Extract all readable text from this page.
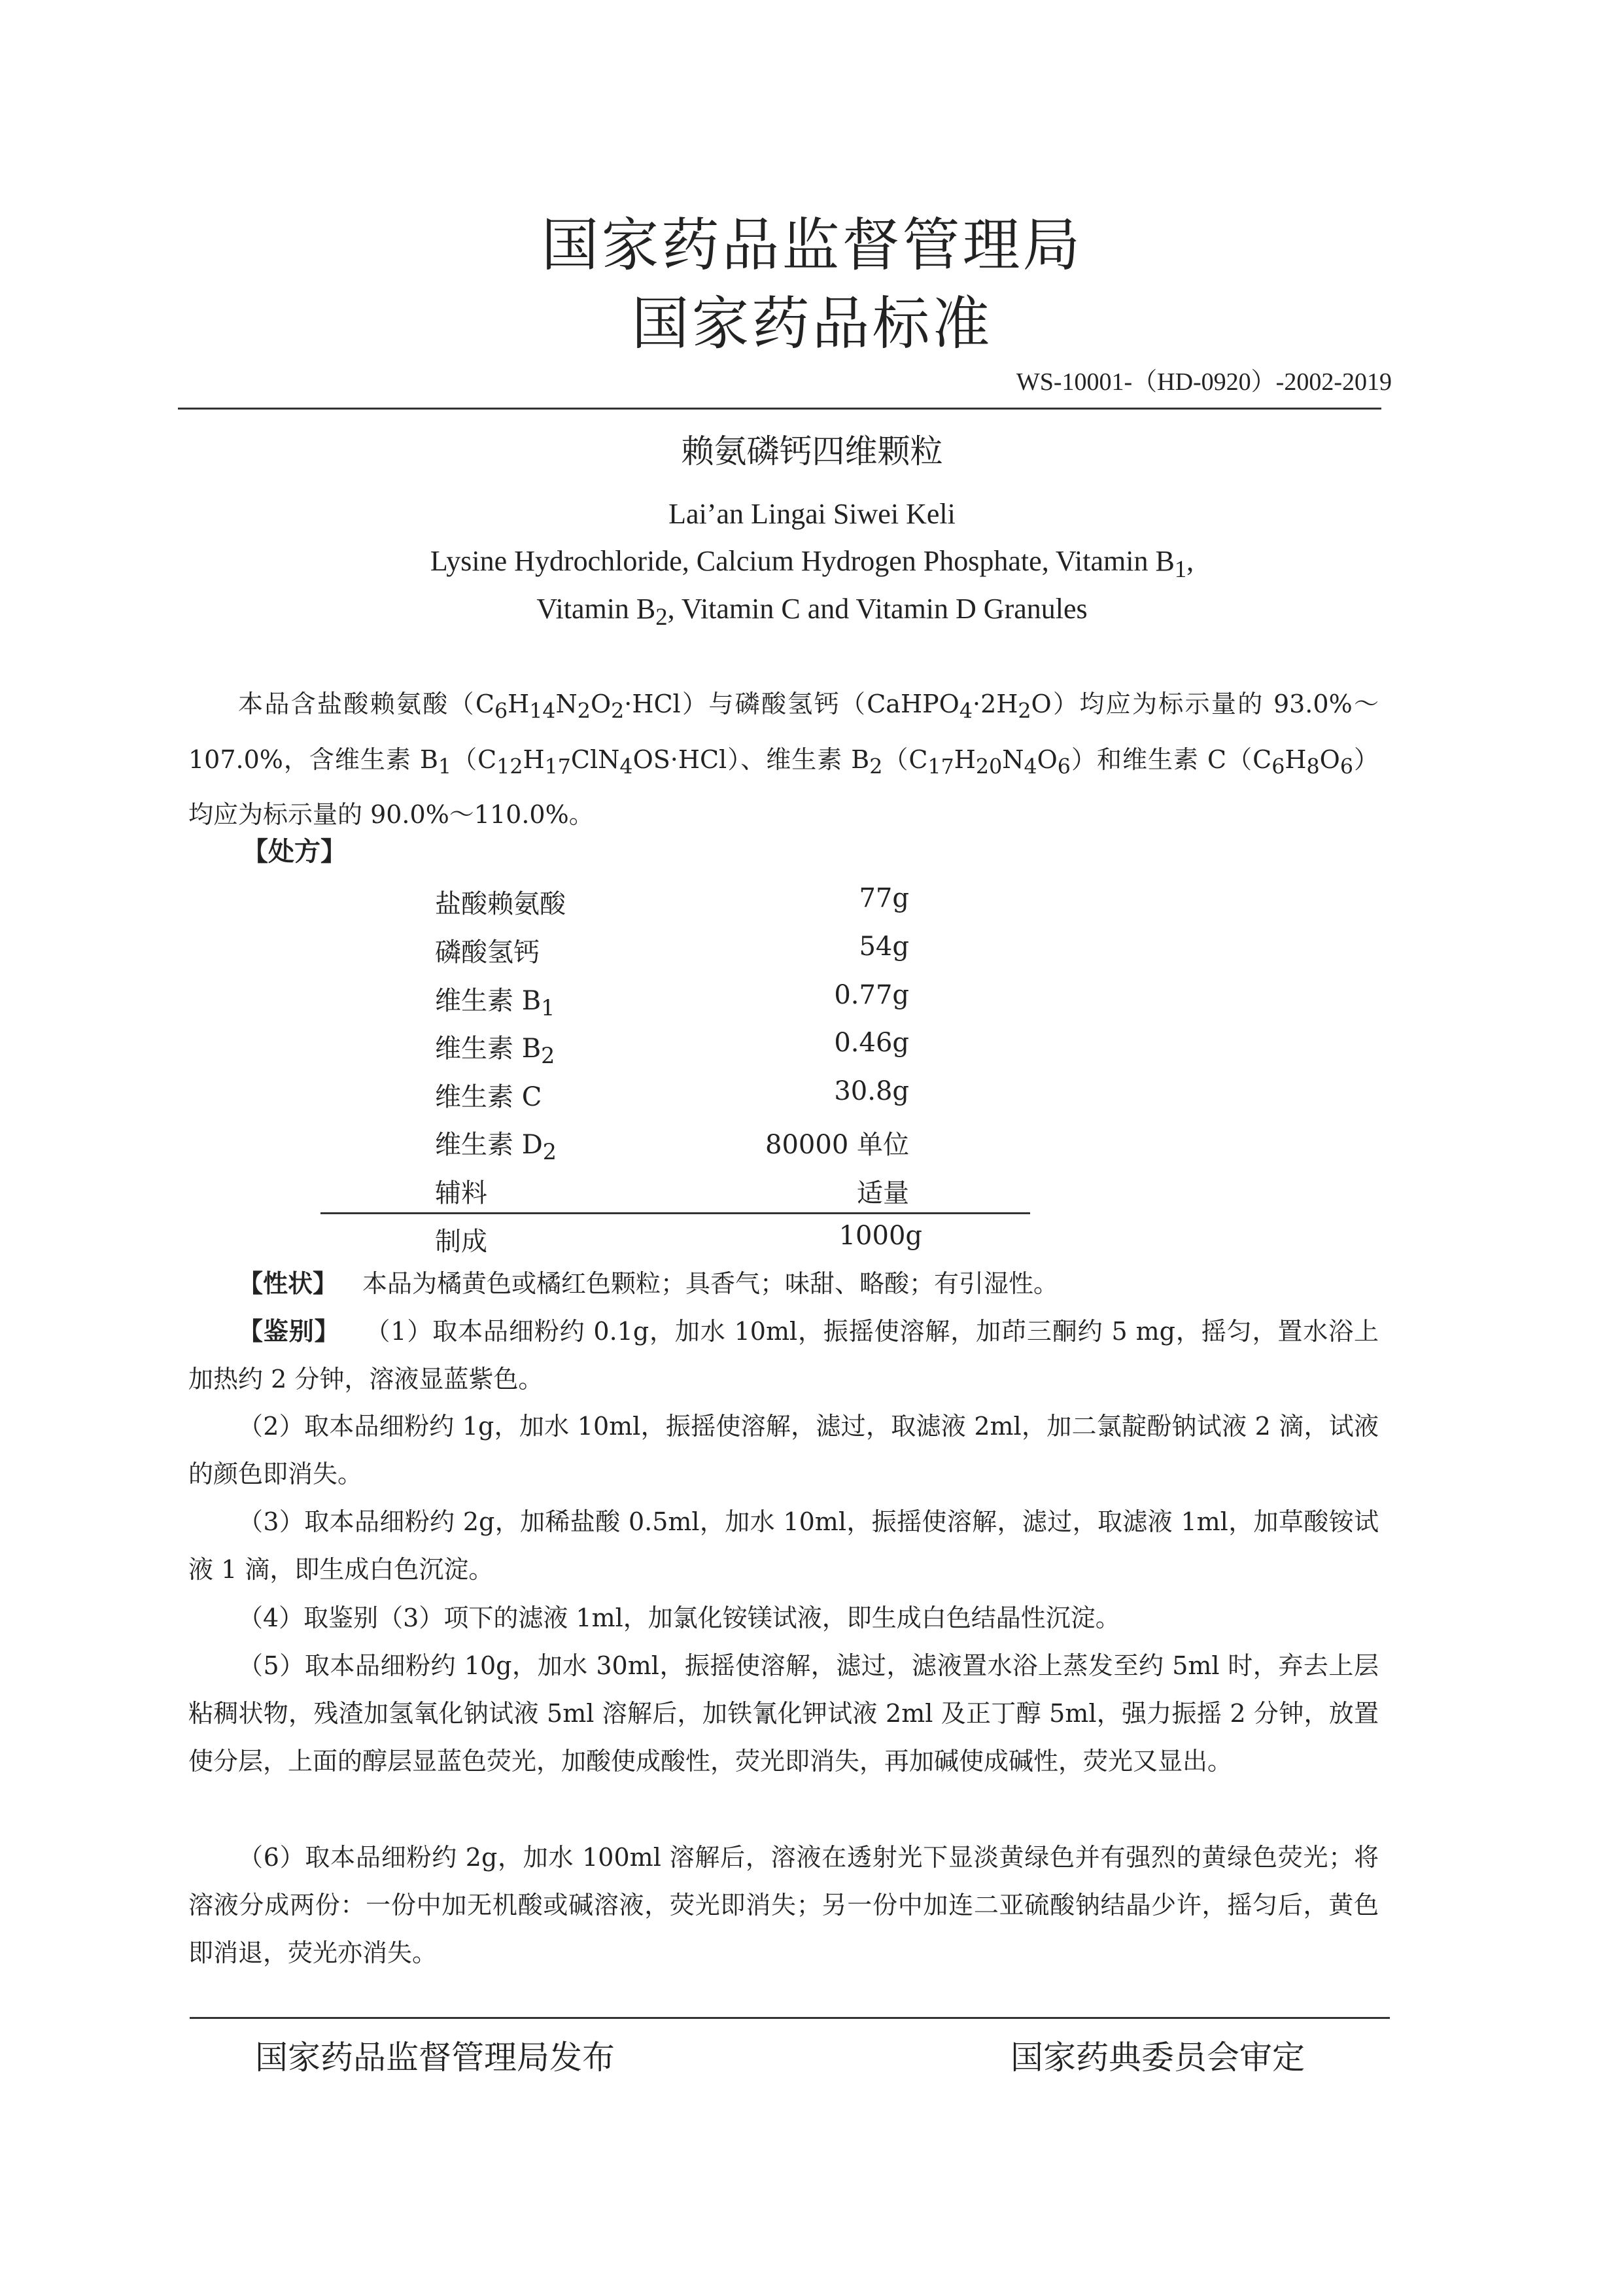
国家药品监督管理局
国家药品标准
WS-10001-（HD-0920）-2002-2019
赖氨磷钙四维颗粒
Lai’an Lingai Siwei Keli
Lysine Hydrochloride, Calcium Hydrogen Phosphate, Vitamin $B_1$,
Vitamin $B_2$, Vitamin C and Vitamin D Granules
本品含盐酸赖氨酸$(C_6H_{14}N_2O_2\cdot HCl)$与磷酸氢钙$(CaHPO_4\cdot 2H_2O)$均应为标示量的 93.0%～107.0%，含维生素 $B_1(C_{12}H_{17}ClN_4OS\cdot HCl)$、维生素 $B_2(C_{17}H_{20}N_4O_6)$和维生素 $C(C_6H_8O_6)$均应为标示量的 90.0%～110.0%。
【处方】
盐酸赖氨酸	77g
磷酸氢钙	54g
维生素 $B_1$	0.77g
维生素 $B_2$	0.46g
维生素 C	30.8g
维生素 $D_2$	80000 单位
辅料	适量
制成	1000g
【性状】  本品为橘黄色或橘红色颗粒；具香气；味甜、略酸；有引湿性。
【鉴别】  （1）取本品细粉约 0.1g，加水 10ml，振摇使溶解，加茚三酮约 5 mg，摇匀，置水浴上加热约 2 分钟，溶液显蓝紫色。
（2）取本品细粉约 1g，加水 10ml，振摇使溶解，滤过，取滤液 2ml，加二氯靛酚钠试液 2 滴，试液的颜色即消失。
（3）取本品细粉约 2g，加稀盐酸 0.5ml，加水 10ml，振摇使溶解，滤过，取滤液 1ml，加草酸铵试液 1 滴，即生成白色沉淀。
（4）取鉴别（3）项下的滤液 1ml，加氯化铵镁试液，即生成白色结晶性沉淀。
（5）取本品细粉约 10g，加水 30ml，振摇使溶解，滤过，滤液置水浴上蒸发至约 5ml 时，弃去上层粘稠状物，残渣加氢氧化钠试液 5ml 溶解后，加铁氰化钾试液 2ml 及正丁醇 5ml，强力振摇 2 分钟，放置使分层，上面的醇层显蓝色荧光，加酸使成酸性，荧光即消失，再加碱使成碱性，荧光又显出。
（6）取本品细粉约 2g，加水 100ml 溶解后，溶液在透射光下显淡黄绿色并有强烈的黄绿色荧光；将溶液分成两份：一份中加无机酸或碱溶液，荧光即消失；另一份中加连二亚硫酸钠结晶少许，摇匀后，黄色即消退，荧光亦消失。
国家药品监督管理局发布	国家药典委员会审定
